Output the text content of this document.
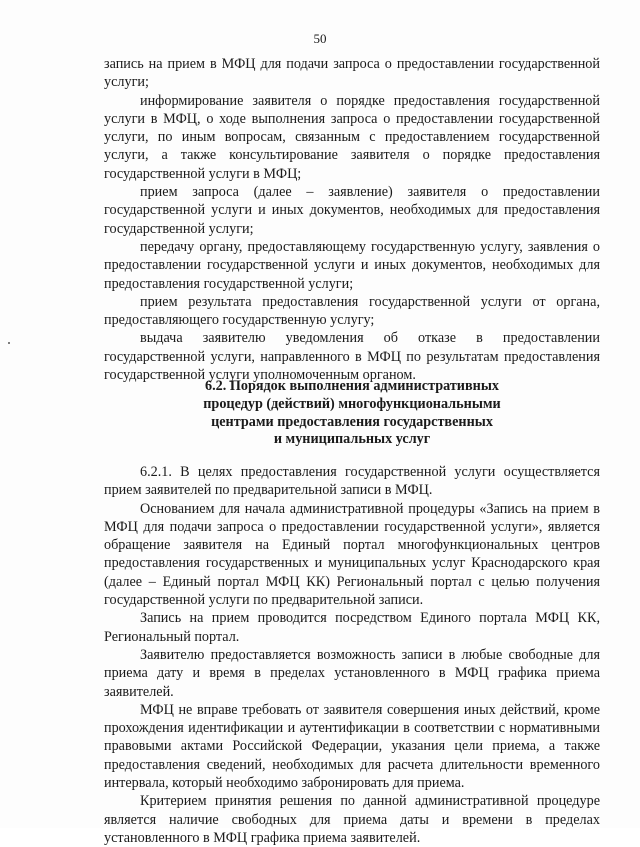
50

запись на прием в МФЦ для подачи запроса о предоставлении государственной услуги;

информирование заявителя о порядке предоставления государственной услуги в МФЦ, о ходе выполнения запроса о предоставлении государственной услуги, по иным вопросам, связанным с предоставлением государственной услуги, а также консультирование заявителя о порядке предоставления государственной услуги в МФЦ;

прием запроса (далее – заявление) заявителя о предоставлении государственной услуги и иных документов, необходимых для предоставления государственной услуги;

передачу органу, предоставляющему государственную услугу, заявления о предоставлении государственной услуги и иных документов, необходимых для предоставления государственной услуги;

прием результата предоставления государственной услуги от органа, предоставляющего государственную услугу;

выдача заявителю уведомления об отказе в предоставлении государственной услуги, направленного в МФЦ по результатам предоставления государственной услуги уполномоченным органом.

6.2. Порядок выполнения административных
процедур (действий) многофункциональными
центрами предоставления государственных
и муниципальных услуг

6.2.1. В целях предоставления государственной услуги осуществляется прием заявителей по предварительной записи в МФЦ.

Основанием для начала административной процедуры «Запись на прием в МФЦ для подачи запроса о предоставлении государственной услуги», является обращение заявителя на Единый портал многофункциональных центров предоставления государственных и муниципальных услуг Краснодарского края (далее – Единый портал МФЦ КК) Региональный портал с целью получения государственной услуги по предварительной записи.

Запись на прием проводится посредством Единого портала МФЦ КК, Региональный портал.

Заявителю предоставляется возможность записи в любые свободные для приема дату и время в пределах установленного в МФЦ графика приема заявителей.

МФЦ не вправе требовать от заявителя совершения иных действий, кроме прохождения идентификации и аутентификации в соответствии с нормативными правовыми актами Российской Федерации, указания цели приема, а также предоставления сведений, необходимых для расчета длительности временного интервала, который необходимо забронировать для приема.

Критерием принятия решения по данной административной процедуре является наличие свободных для приема даты и времени в пределах установленного в МФЦ графика приема заявителей.
